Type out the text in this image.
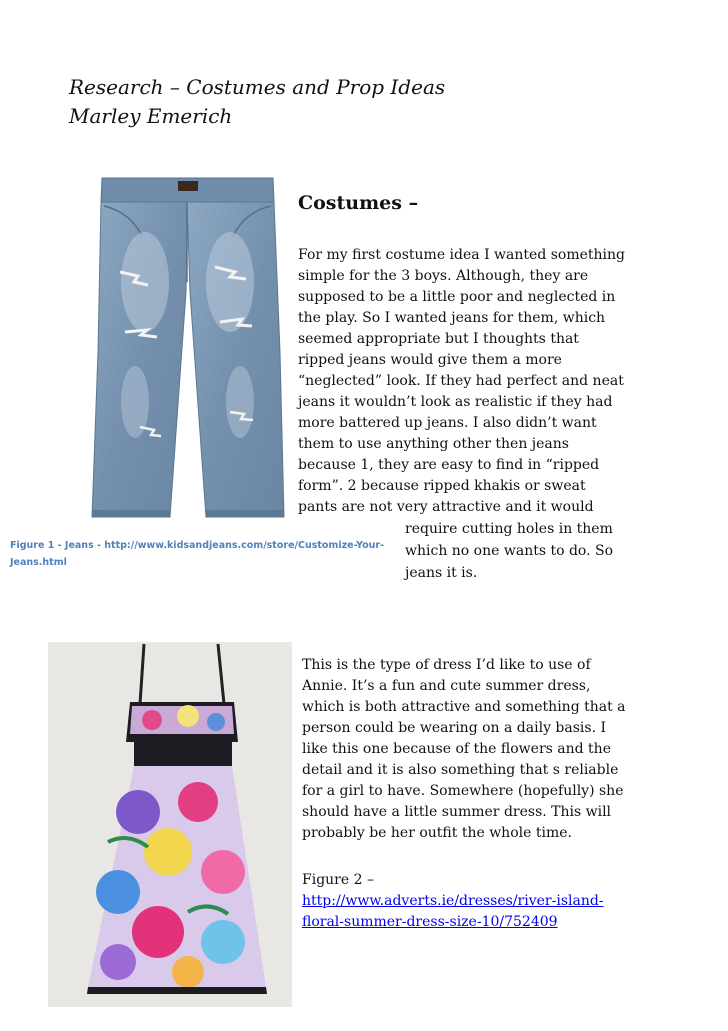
Research – Costumes and Prop Ideas
Marley Emerich
Figure 1 - Jeans - http://www.kidsandjeans.com/store/Customize-Your-
Jeans.html
Costumes –
For my first costume idea I wanted something
simple for the 3 boys. Although, they are
supposed to be a little poor and neglected in
the play. So I wanted jeans for them, which
seemed appropriate but I thoughts that
ripped jeans would give them a more
“neglected” look. If they had perfect and neat
jeans it wouldn’t look as realistic if they had
more battered up jeans. I also didn’t want
them to use anything other then jeans
because 1, they are easy to find in “ripped
form”. 2 because ripped khakis or sweat
pants are not very attractive and it would
require cutting holes in them
which no one wants to do. So
jeans it is.
This is the type of dress I’d like to use of
Annie. It’s a fun and cute summer dress,
which is both attractive and something that a
person could be wearing on a daily basis. I
like this one because of the flowers and the
detail and it is also something that s reliable
for a girl to have. Somewhere (hopefully) she
should have a little summer dress. This will
probably be her outfit the whole time.
Figure 2 –
http://www.adverts.ie/dresses/river-island-
floral-summer-dress-size-10/752409
